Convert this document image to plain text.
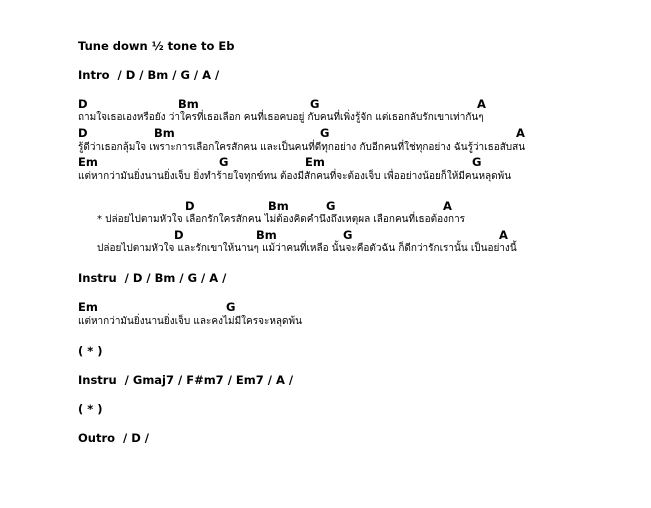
Tune down ½ tone to Eb
Intro  / D / Bm / G / A /
D	Bm	G	A
ถามใจเธอเองหรือยัง ว่าใครที่เธอเลือก คนที่เธอคบอยู่ กับคนที่เพิ่งรู้จัก แต่เธอกลับรักเขาเท่ากันๆ
D	Bm	G	A
รู้ดีว่าเธอกลุ้มใจ เพราะการเลือกใครสักคน และเป็นคนที่ดีทุกอย่าง กับอีกคนที่ใช่ทุกอย่าง ฉันรู้ว่าเธอสับสน
Em	G	Em	G
แต่หากว่ามันยิ่งนานยิ่งเจ็บ ยิ่งทำร้ายใจทุกข์ทน ต้องมีสักคนที่จะต้องเจ็บ เพื่ออย่างน้อยก็ให้มีคนหลุดพ้น
D	Bm	G	A
* ปล่อยไปตามหัวใจ เลือกรักใครสักคน ไม่ต้องคิดคำนึงถึงเหตุผล เลือกคนที่เธอต้องการ
D	Bm	G	A
ปล่อยไปตามหัวใจ และรักเขาให้นานๆ แม้ว่าคนที่เหลือ นั้นจะคือตัวฉัน ก็ดีกว่ารักเรานั้น เป็นอย่างนี้
Instru  / D / Bm / G / A /
Em	G
แต่หากว่ามันยิ่งนานยิ่งเจ็บ และคงไม่มีใครจะหลุดพ้น
( * )
Instru  / Gmaj7 / F#m7 / Em7 / A /
( * )
Outro  / D /
